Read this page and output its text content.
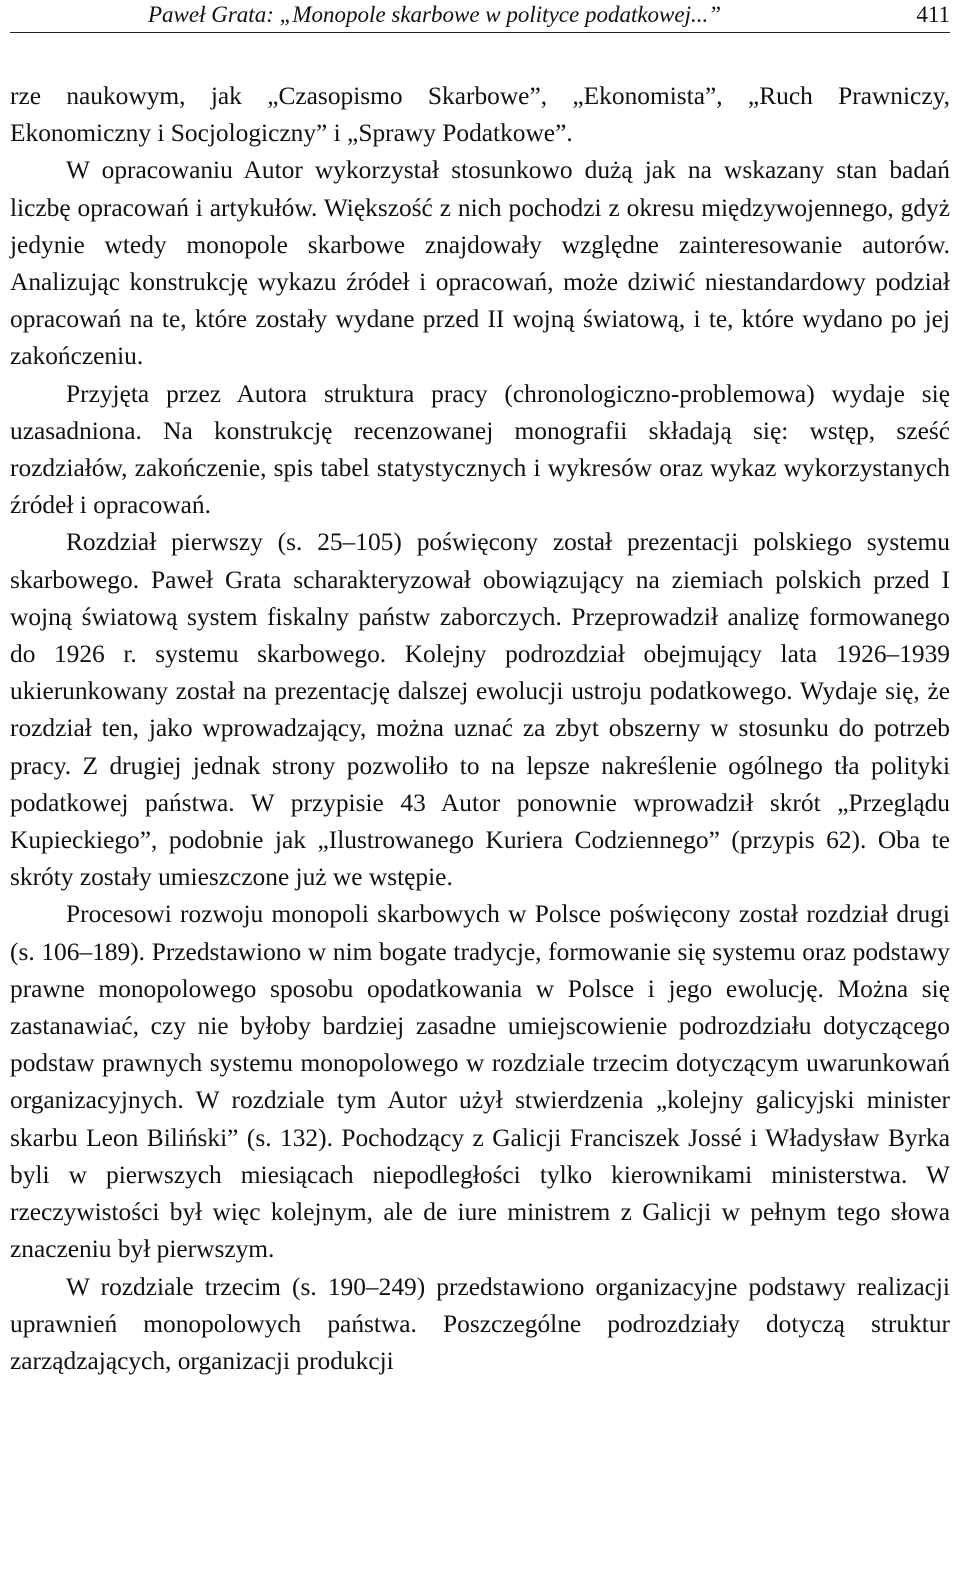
Paweł Grata: „Monopole skarbowe w polityce podatkowej...”	411

rze naukowym, jak „Czasopismo Skarbowe”, „Ekonomista”, „Ruch Prawniczy, Ekonomiczny i Socjologiczny” i „Sprawy Podatkowe”.

W opracowaniu Autor wykorzystał stosunkowo dużą jak na wskazany stan badań liczbę opracowań i artykułów. Większość z nich pochodzi z okresu międzywojennego, gdyż jedynie wtedy monopole skarbowe znajdowały względne zainteresowanie autorów. Analizując konstrukcję wykazu źródeł i opracowań, może dziwić niestandardowy podział opracowań na te, które zostały wydane przed II wojną światową, i te, które wydano po jej zakończeniu.

Przyjęta przez Autora struktura pracy (chronologiczno-problemowa) wydaje się uzasadniona. Na konstrukcję recenzowanej monografii składają się: wstęp, sześć rozdziałów, zakończenie, spis tabel statystycznych i wykresów oraz wykaz wykorzystanych źródeł i opracowań.

Rozdział pierwszy (s. 25–105) poświęcony został prezentacji polskiego systemu skarbowego. Paweł Grata scharakteryzował obowiązujący na ziemiach polskich przed I wojną światową system fiskalny państw zaborczych. Przeprowadził analizę formowanego do 1926 r. systemu skarbowego. Kolejny podrozdział obejmujący lata 1926–1939 ukierunkowany został na prezentację dalszej ewolucji ustroju podatkowego. Wydaje się, że rozdział ten, jako wprowadzający, można uznać za zbyt obszerny w stosunku do potrzeb pracy. Z drugiej jednak strony pozwoliło to na lepsze nakreślenie ogólnego tła polityki podatkowej państwa. W przypisie 43 Autor ponownie wprowadził skrót „Przeglądu Kupieckiego”, podobnie jak „Ilustrowanego Kuriera Codziennego” (przypis 62). Oba te skróty zostały umieszczone już we wstępie.

Procesowi rozwoju monopoli skarbowych w Polsce poświęcony został rozdział drugi (s. 106–189). Przedstawiono w nim bogate tradycje, formowanie się systemu oraz podstawy prawne monopolowego sposobu opodatkowania w Polsce i jego ewolucję. Można się zastanawiać, czy nie byłoby bardziej zasadne umiejscowienie podrozdziału dotyczącego podstaw prawnych systemu monopolowego w rozdziale trzecim dotyczącym uwarunkowań organizacyjnych. W rozdziale tym Autor użył stwierdzenia „kolejny galicyjski minister skarbu Leon Biliński” (s. 132). Pochodzący z Galicji Franciszek Jossé i Władysław Byrka byli w pierwszych miesiącach niepodległości tylko kierownikami ministerstwa. W rzeczywistości był więc kolejnym, ale de iure ministrem z Galicji w pełnym tego słowa znaczeniu był pierwszym.

W rozdziale trzecim (s. 190–249) przedstawiono organizacyjne podstawy realizacji uprawnień monopolowych państwa. Poszczególne podrozdziały dotyczą struktur zarządzających, organizacji produkcji
